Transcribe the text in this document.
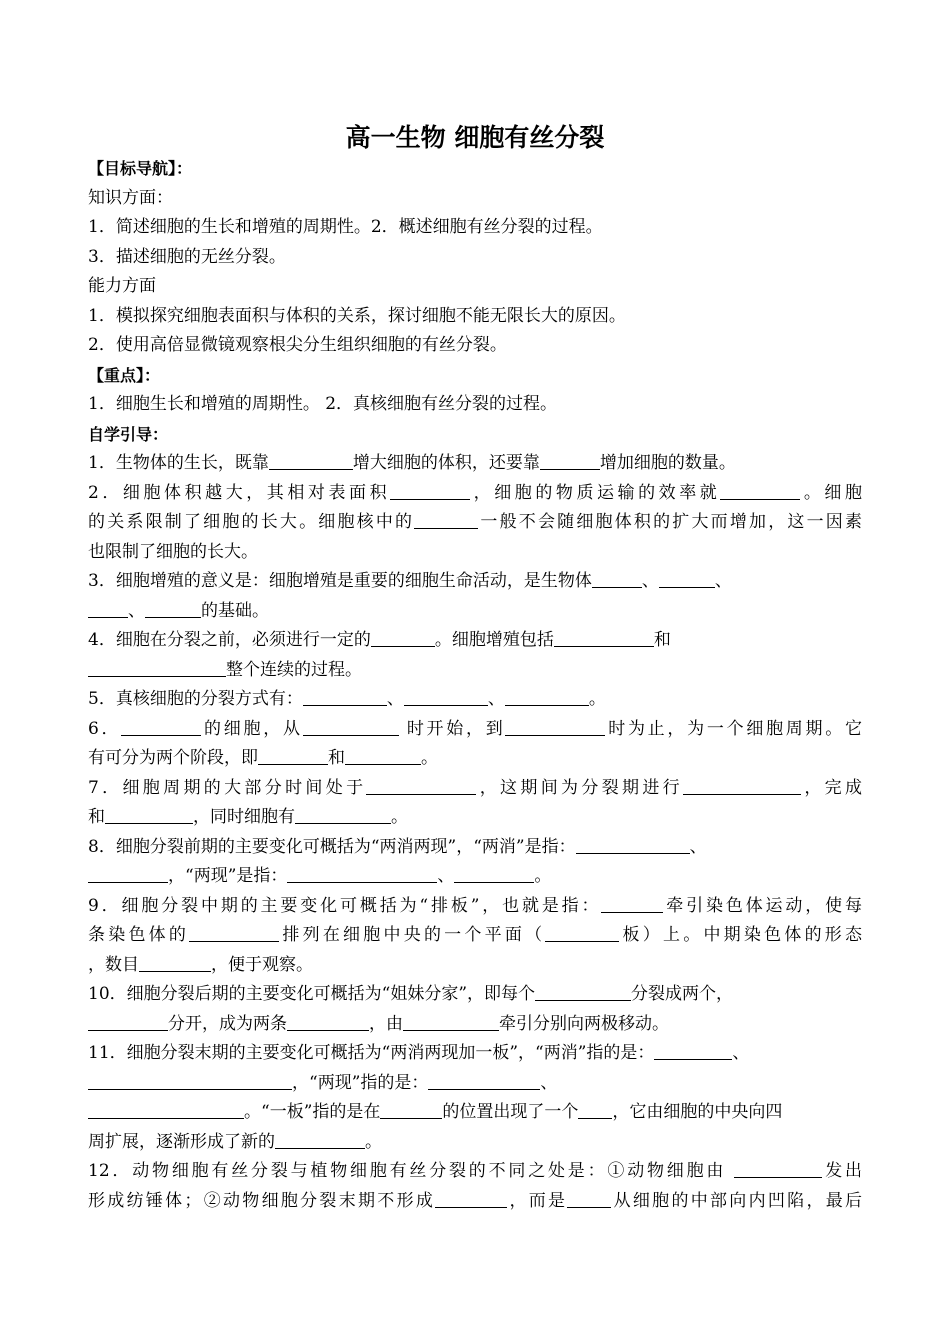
高一生物 细胞有丝分裂
【目标导航】：
知识方面：
1．简述细胞的生长和增殖的周期性。2．概述细胞有丝分裂的过程。
3．描述细胞的无丝分裂。
能力方面
1．模拟探究细胞表面积与体积的关系，探讨细胞不能无限长大的原因。
2．使用高倍显微镜观察根尖分生组织细胞的有丝分裂。
【重点】：
1．细胞生长和增殖的周期性。 2．真核细胞有丝分裂的过程。
自学引导：
1．生物体的生长，既靠	增大细胞的体积，还要靠	增加细胞的数量。
2．细胞体积越大，其相对表面积	，细胞的物质运输的效率就	。细胞
的关系限制了细胞的长大。细胞核中的	一般不会随细胞体积的扩大而增加，这一因素
也限制了细胞的长大。
3．细胞增殖的意义是：细胞增殖是重要的细胞生命活动，是生物体	、	、
、	的基础。
4．细胞在分裂之前，必须进行一定的	。细胞增殖包括	和
整个连续的过程。
5．真核细胞的分裂方式有：	、	、	。
6．	的细胞，从	时开始，到	时为止，为一个细胞周期。它
有可分为两个阶段，即	和	。
7．细胞周期的大部分时间处于	，这期间为分裂期进行	，完成
和	，同时细胞有	。
8．细胞分裂前期的主要变化可概括为“两消两现”，“两消”是指：	、
，“两现”是指：	、	。
9．细胞分裂中期的主要变化可概括为“排板”，也就是指：	牵引染色体运动，使每
条染色体的	排列在细胞中央的一个平面（	板）上。中期染色体的形态
，数目	，便于观察。
10．细胞分裂后期的主要变化可概括为“姐妹分家”，即每个	分裂成两个，
分开，成为两条	，由	牵引分别向两极移动。
11．细胞分裂末期的主要变化可概括为“两消两现加一板”，“两消”指的是：	、
，“两现”指的是：	、
。“一板”指的是在	的位置出现了一个 ，它由细胞的中央向四
周扩展，逐渐形成了新的	。
12．动物细胞有丝分裂与植物细胞有丝分裂的不同之处是：①动物细胞由	发出
形成纺锤体；②动物细胞分裂末期不形成	，而是	从细胞的中部向内凹陷，最后
